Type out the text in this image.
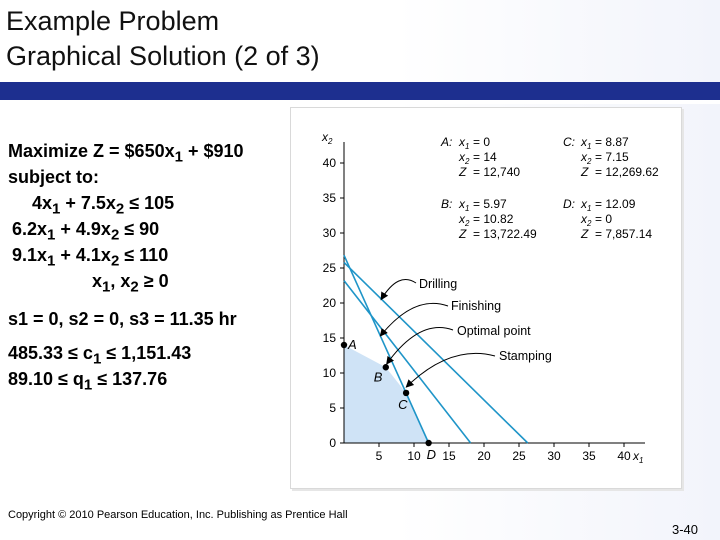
Example Problem
Graphical Solution (2 of 3)
Maximize $Z = \$650x_1$ + $910
subject to:
$4x_1 + 7.5x_2 \le 105$
$6.2x_1 + 4.9x_2 \le 90$
$9.1x_1 + 4.1x_2 \le 110$
$x_1$, $x_2 \ge 0$
s1 = 0, s2 = 0, s3 = 11.35 hr
$485.33 \le c_1 \le 1,151.43$
$89.10 \le q_1 \le 137.76$
5 10 15 20 25 30 35 40
0
5
10
15
20
25
30
35
40
$x_1$
$x_2$
A
B
C
D
Drilling
Finishing
Optimal point
Stamping
A: $x_1 = 0$
$x_2 = 14$
Z = 12,740
C: $x_1 = 8.87$
$x_2 = 7.15$
Z = 12,269.62
B: $x_1 = 5.97$
$x_2 = 10.82$
Z = 13,722.49
D: $x_1 = 12.09$
$x_2 = 0$
Z = 7,857.14
Copyright © 2010 Pearson Education, Inc. Publishing as Prentice Hall
3-40
